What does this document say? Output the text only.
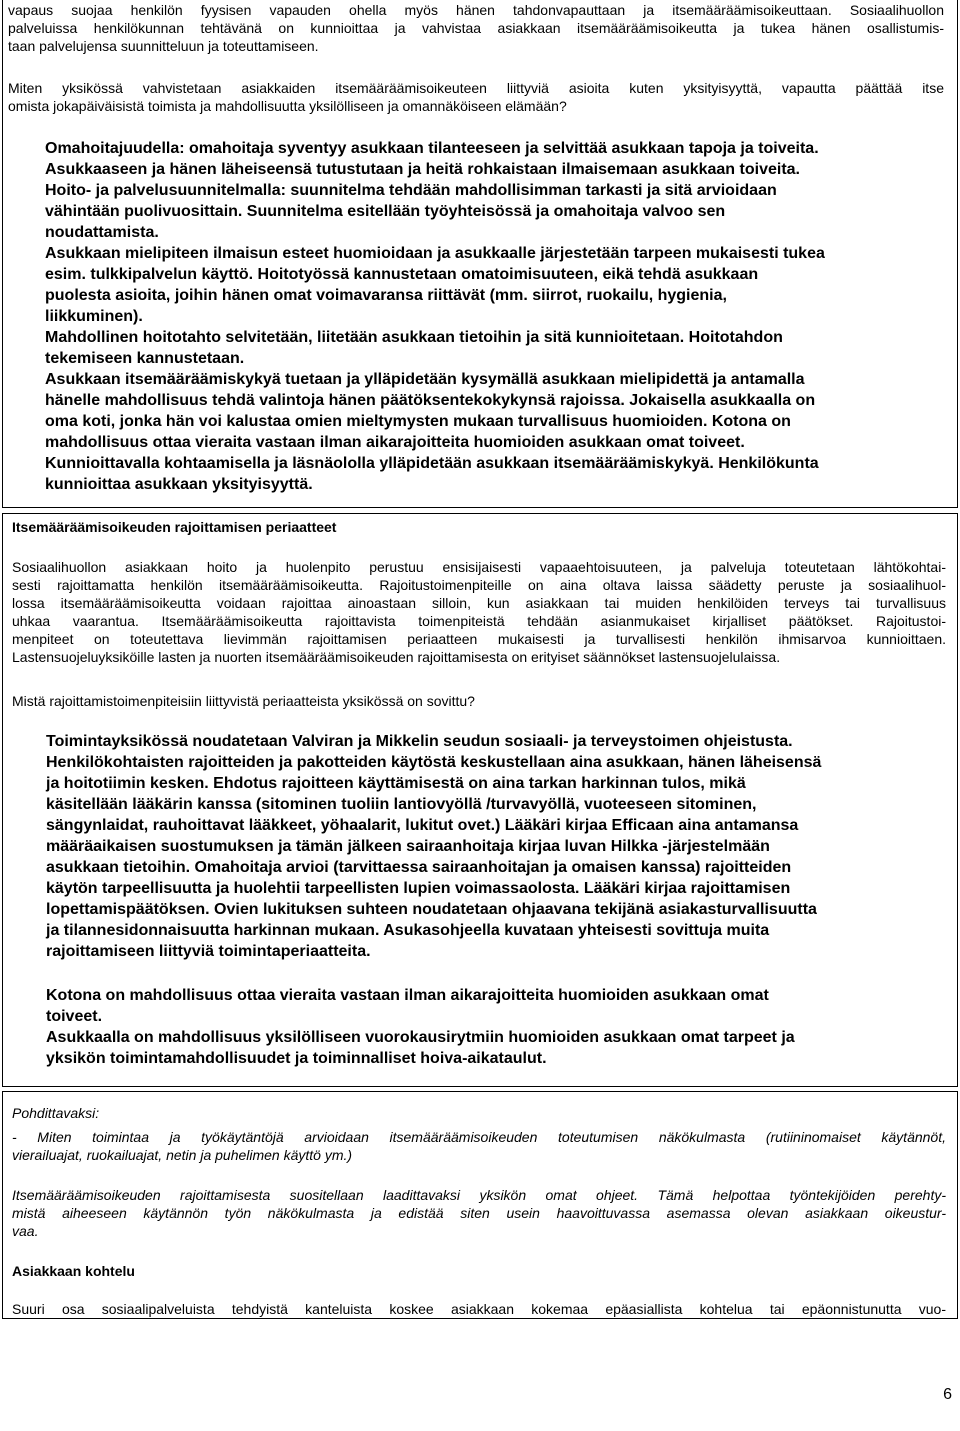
vapaus suojaa henkilön fyysisen vapauden ohella myös hänen tahdonvapauttaan ja itsemääräämisoikeuttaan. Sosiaalihuollon
palveluissa henkilökunnan tehtävänä on kunnioittaa ja vahvistaa asiakkaan itsemääräämisoikeutta ja tukea hänen osallistumis-
taan palvelujensa suunnitteluun ja toteuttamiseen.
Miten yksikössä vahvistetaan asiakkaiden itsemääräämisoikeuteen liittyviä asioita kuten yksityisyyttä, vapautta päättää itse
omista jokapäiväisistä toimista ja mahdollisuutta yksilölliseen ja omannäköiseen elämään?
Omahoitajuudella: omahoitaja syventyy asukkaan tilanteeseen ja selvittää asukkaan tapoja ja toiveita.
Asukkaaseen ja hänen läheiseensä tutustutaan ja heitä rohkaistaan ilmaisemaan asukkaan toiveita.
Hoito- ja palvelusuunnitelmalla: suunnitelma tehdään mahdollisimman tarkasti ja sitä arvioidaan
vähintään puolivuosittain. Suunnitelma esitellään työyhteisössä ja omahoitaja valvoo sen
noudattamista.
Asukkaan mielipiteen ilmaisun esteet huomioidaan ja asukkaalle järjestetään tarpeen mukaisesti tukea
esim. tulkkipalvelun käyttö. Hoitotyössä kannustetaan omatoimisuuteen, eikä tehdä asukkaan
puolesta asioita, joihin hänen omat voimavaransa riittävät (mm. siirrot, ruokailu, hygienia,
liikkuminen).
Mahdollinen hoitotahto selvitetään, liitetään asukkaan tietoihin ja sitä kunnioitetaan. Hoitotahdon
tekemiseen kannustetaan.
Asukkaan itsemääräämiskykyä tuetaan ja ylläpidetään kysymällä asukkaan mielipidettä ja antamalla
hänelle mahdollisuus tehdä valintoja hänen päätöksentekokykynsä rajoissa. Jokaisella asukkaalla on
oma koti, jonka hän voi kalustaa omien mieltymysten mukaan turvallisuus huomioiden. Kotona on
mahdollisuus ottaa vieraita vastaan ilman aikarajoitteita huomioiden asukkaan omat toiveet.
Kunnioittavalla kohtaamisella ja läsnäololla ylläpidetään asukkaan itsemääräämiskykyä. Henkilökunta
kunnioittaa asukkaan yksityisyyttä.
Itsemääräämisoikeuden rajoittamisen periaatteet
Sosiaalihuollon asiakkaan hoito ja huolenpito perustuu ensisijaisesti vapaaehtoisuuteen, ja palveluja toteutetaan lähtökohtai-
sesti rajoittamatta henkilön itsemääräämisoikeutta. Rajoitustoimenpiteille on aina oltava laissa säädetty peruste ja sosiaalihuol-
lossa itsemääräämisoikeutta voidaan rajoittaa ainoastaan silloin, kun asiakkaan tai muiden henkilöiden terveys tai turvallisuus
uhkaa vaarantua. Itsemääräämisoikeutta rajoittavista toimenpiteistä tehdään asianmukaiset kirjalliset päätökset. Rajoitustoi-
menpiteet on toteutettava lievimmän rajoittamisen periaatteen mukaisesti ja turvallisesti henkilön ihmisarvoa kunnioittaen.
Lastensuojeluyksiköille lasten ja nuorten itsemääräämisoikeuden rajoittamisesta on erityiset säännökset lastensuojelulaissa.
Mistä rajoittamistoimenpiteisiin liittyvistä periaatteista yksikössä on sovittu?
Toimintayksikössä noudatetaan Valviran ja Mikkelin seudun sosiaali- ja terveystoimen ohjeistusta.
Henkilökohtaisten rajoitteiden ja pakotteiden käytöstä keskustellaan aina asukkaan, hänen läheisensä
ja hoitotiimin kesken. Ehdotus rajoitteen käyttämisestä on aina tarkan harkinnan tulos, mikä
käsitellään lääkärin kanssa (sitominen tuoliin lantiovyöllä /turvavyöllä, vuoteeseen sitominen,
sängynlaidat, rauhoittavat lääkkeet, yöhaalarit, lukitut ovet.) Lääkäri kirjaa Efficaan aina antamansa
määräaikaisen suostumuksen ja tämän jälkeen sairaanhoitaja kirjaa luvan Hilkka -järjestelmään
asukkaan tietoihin. Omahoitaja arvioi (tarvittaessa sairaanhoitajan ja omaisen kanssa) rajoitteiden
käytön tarpeellisuutta ja huolehtii tarpeellisten lupien voimassaolosta. Lääkäri kirjaa rajoittamisen
lopettamispäätöksen. Ovien lukituksen suhteen noudatetaan ohjaavana tekijänä asiakasturvallisuutta
ja tilannesidonnaisuutta harkinnan mukaan. Asukasohjeella kuvataan yhteisesti sovittuja muita
rajoittamiseen liittyviä toimintaperiaatteita.
Kotona on mahdollisuus ottaa vieraita vastaan ilman aikarajoitteita huomioiden asukkaan omat
toiveet.
Asukkaalla on mahdollisuus yksilölliseen vuorokausirytmiin huomioiden asukkaan omat tarpeet ja
yksikön toimintamahdollisuudet ja toiminnalliset hoiva-aikataulut.
Pohdittavaksi:
- Miten toimintaa ja työkäytäntöjä arvioidaan itsemääräämisoikeuden toteutumisen näkökulmasta (rutiininomaiset käytännöt,
vierailuajat, ruokailuajat, netin ja puhelimen käyttö ym.)
Itsemääräämisoikeuden rajoittamisesta suositellaan laadittavaksi yksikön omat ohjeet. Tämä helpottaa työntekijöiden perehty-
mistä aiheeseen käytännön työn näkökulmasta ja edistää siten usein haavoittuvassa asemassa olevan asiakkaan oikeustur-
vaa.
Asiakkaan kohtelu
Suuri osa sosiaalipalveluista tehdyistä kanteluista koskee asiakkaan kokemaa epäasiallista kohtelua tai epäonnistunutta vuo-
6
